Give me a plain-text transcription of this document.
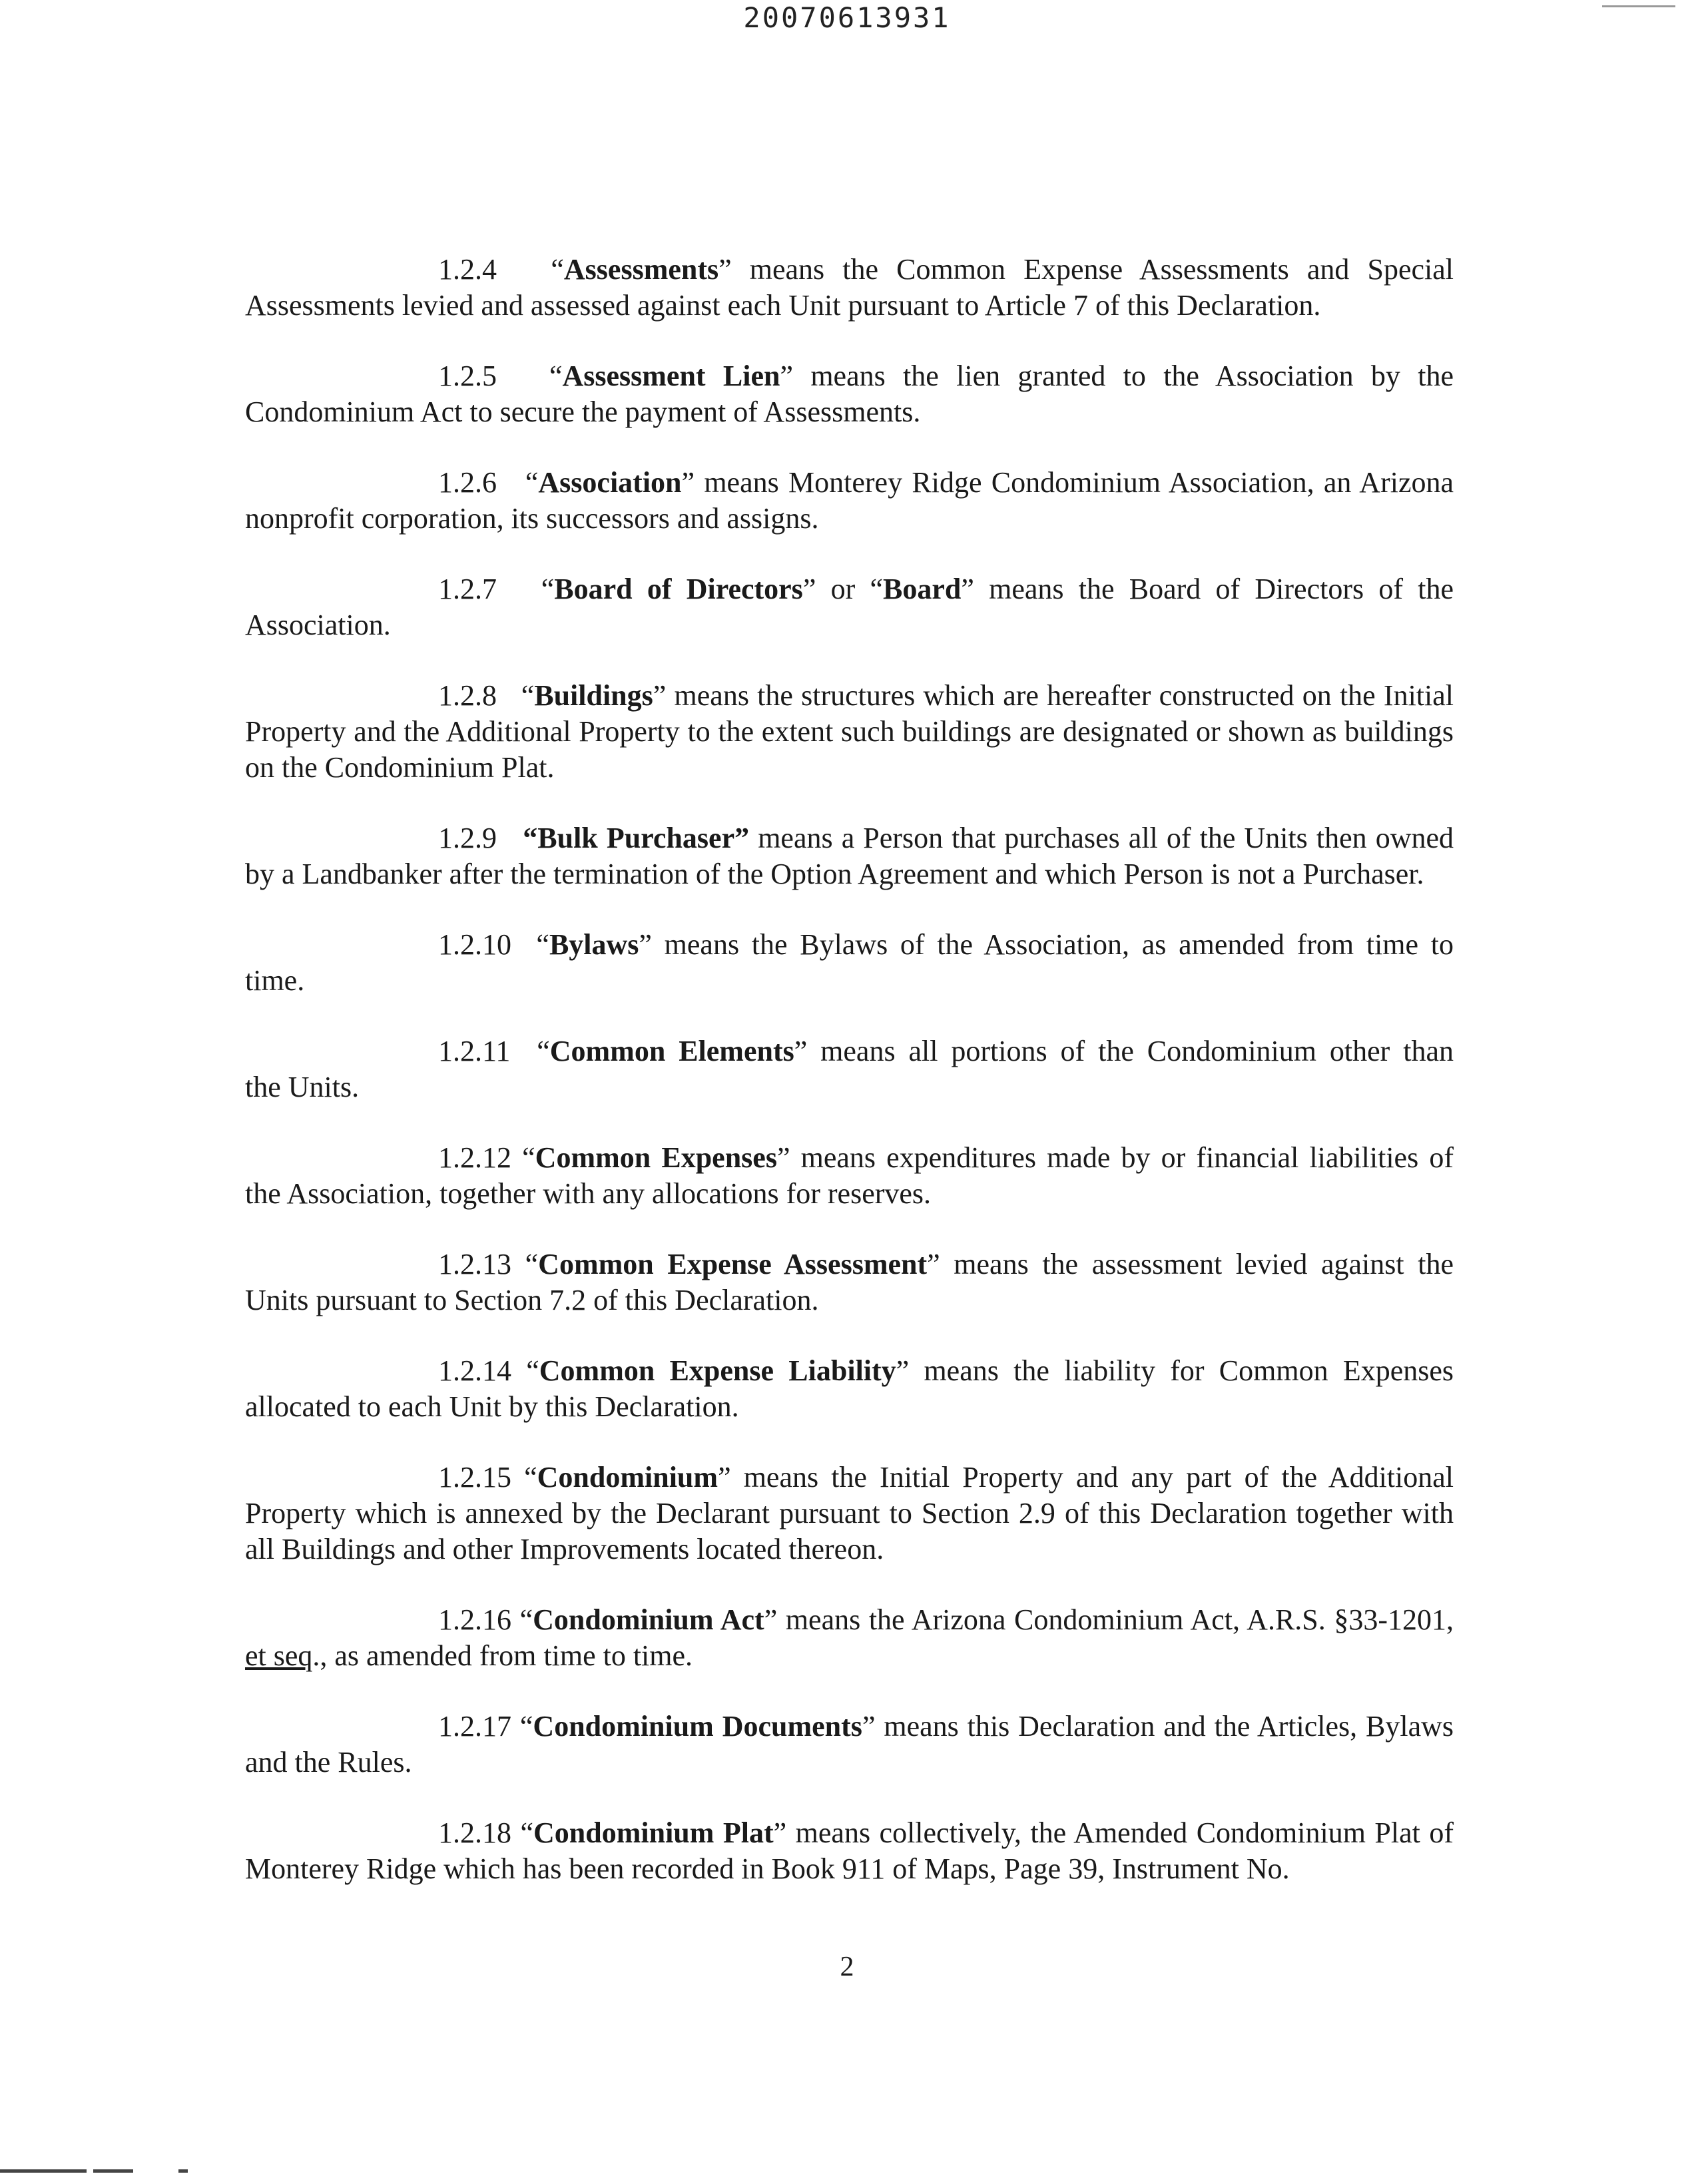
20070613931

1.2.4 “Assessments” means the Common Expense Assessments and Special Assessments levied and assessed against each Unit pursuant to Article 7 of this Declaration.

1.2.5 “Assessment Lien” means the lien granted to the Association by the Condominium Act to secure the payment of Assessments.

1.2.6 “Association” means Monterey Ridge Condominium Association, an Arizona nonprofit corporation, its successors and assigns.

1.2.7 “Board of Directors” or “Board” means the Board of Directors of the
Association.

1.2.8 “Buildings” means the structures which are hereafter constructed on the Initial Property and the Additional Property to the extent such buildings are designated or shown as buildings on the Condominium Plat.

1.2.9 “Bulk Purchaser” means a Person that purchases all of the Units then owned by a Landbanker after the termination of the Option Agreement and which Person is not a Purchaser.

1.2.10 “Bylaws” means the Bylaws of the Association, as amended from time to
time.
1.2.11 “Common Elements” means all portions of the Condominium other than
the Units.

1.2.12 “Common Expenses” means expenditures made by or financial liabilities of the Association, together with any allocations for reserves.

1.2.13 “Common Expense Assessment” means the assessment levied against the Units pursuant to Section 7.2 of this Declaration.

1.2.14 “Common Expense Liability” means the liability for Common Expenses allocated to each Unit by this Declaration.

1.2.15 “Condominium” means the Initial Property and any part of the Additional Property which is annexed by the Declarant pursuant to Section 2.9 of this Declaration together with all Buildings and other Improvements located thereon.

1.2.16 “Condominium Act” means the Arizona Condominium Act, A.R.S. §33-1201, et seq., as amended from time to time.

1.2.17 “Condominium Documents” means this Declaration and the Articles, Bylaws and the Rules.

1.2.18 “Condominium Plat” means collectively, the Amended Condominium Plat of Monterey Ridge which has been recorded in Book 911 of Maps, Page 39, Instrument No.

2
